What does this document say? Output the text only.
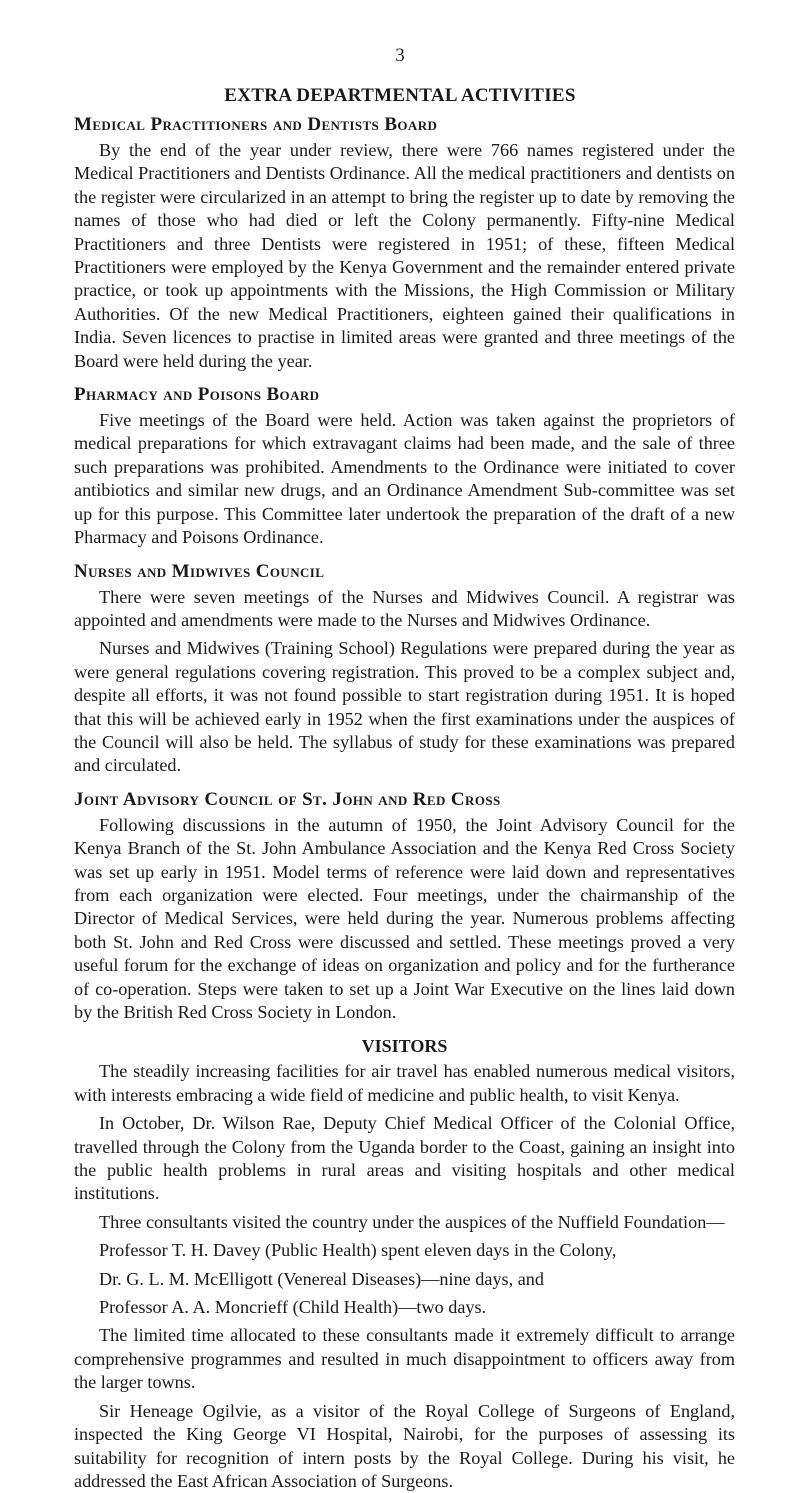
3
EXTRA DEPARTMENTAL ACTIVITIES
Medical Practitioners and Dentists Board

By the end of the year under review, there were 766 names registered under the Medical Practitioners and Dentists Ordinance. All the medical practitioners and dentists on the register were circularized in an attempt to bring the register up to date by removing the names of those who had died or left the Colony permanently. Fifty-nine Medical Practitioners and three Dentists were registered in 1951; of these, fifteen Medical Practitioners were employed by the Kenya Government and the remainder entered private practice, or took up appointments with the Missions, the High Commission or Military Authorities. Of the new Medical Practitioners, eighteen gained their qualifications in India. Seven licences to practise in limited areas were granted and three meetings of the Board were held during the year.

Pharmacy and Poisons Board

Five meetings of the Board were held. Action was taken against the proprietors of medical preparations for which extravagant claims had been made, and the sale of three such preparations was prohibited. Amendments to the Ordinance were initiated to cover antibiotics and similar new drugs, and an Ordinance Amendment Sub-committee was set up for this purpose. This Committee later undertook the preparation of the draft of a new Pharmacy and Poisons Ordinance.

Nurses and Midwives Council

There were seven meetings of the Nurses and Midwives Council. A registrar was appointed and amendments were made to the Nurses and Midwives Ordinance.

Nurses and Midwives (Training School) Regulations were prepared during the year as were general regulations covering registration. This proved to be a complex subject and, despite all efforts, it was not found possible to start registration during 1951. It is hoped that this will be achieved early in 1952 when the first examinations under the auspices of the Council will also be held. The syllabus of study for these examinations was prepared and circulated.

Joint Advisory Council of St. John and Red Cross

Following discussions in the autumn of 1950, the Joint Advisory Council for the Kenya Branch of the St. John Ambulance Association and the Kenya Red Cross Society was set up early in 1951. Model terms of reference were laid down and representatives from each organization were elected. Four meetings, under the chairmanship of the Director of Medical Services, were held during the year. Numerous problems affecting both St. John and Red Cross were discussed and settled. These meetings proved a very useful forum for the exchange of ideas on organization and policy and for the furtherance of co-operation. Steps were taken to set up a Joint War Executive on the lines laid down by the British Red Cross Society in London.

VISITORS

The steadily increasing facilities for air travel has enabled numerous medical visitors, with interests embracing a wide field of medicine and public health, to visit Kenya.

In October, Dr. Wilson Rae, Deputy Chief Medical Officer of the Colonial Office, travelled through the Colony from the Uganda border to the Coast, gaining an insight into the public health problems in rural areas and visiting hospitals and other medical institutions.

Three consultants visited the country under the auspices of the Nuffield Foundation—

Professor T. H. Davey (Public Health) spent eleven days in the Colony,

Dr. G. L. M. McElligott (Venereal Diseases)—nine days, and

Professor A. A. Moncrieff (Child Health)—two days.

The limited time allocated to these consultants made it extremely difficult to arrange comprehensive programmes and resulted in much disappointment to officers away from the larger towns.

Sir Heneage Ogilvie, as a visitor of the Royal College of Surgeons of England, inspected the King George VI Hospital, Nairobi, for the purposes of assessing its suitability for recognition of intern posts by the Royal College. During his visit, he addressed the East African Association of Surgeons.
